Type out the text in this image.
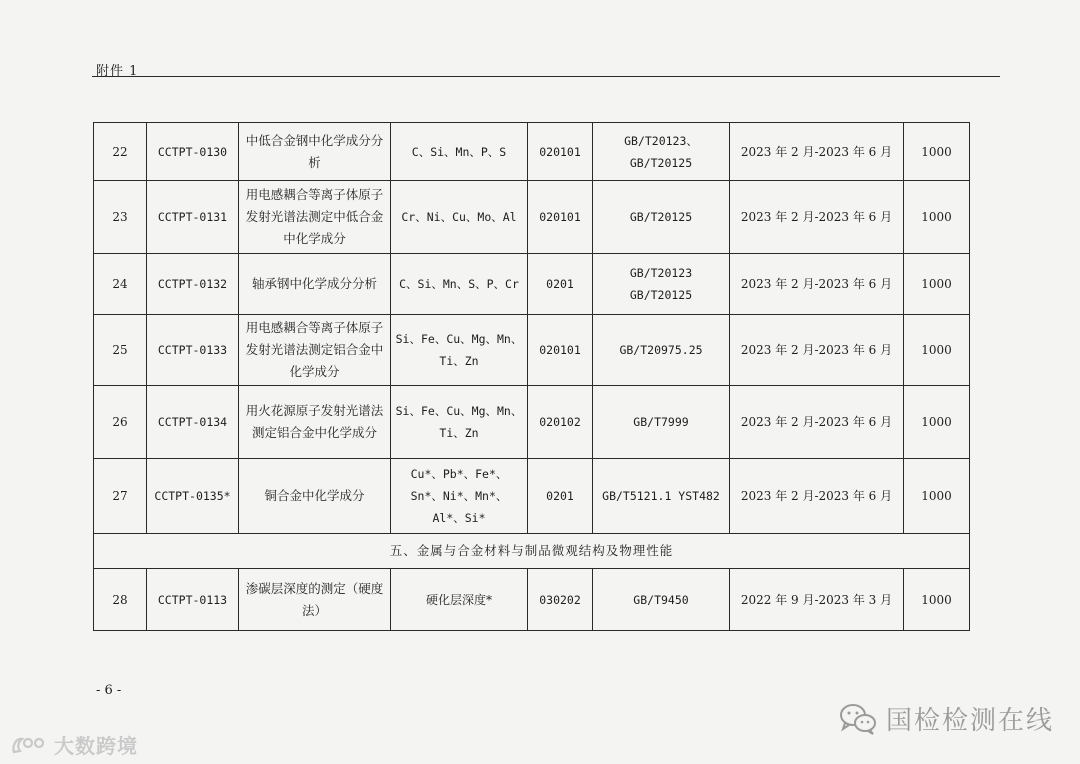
附件 1
22	CCTPT-0130	中低合金钢中化学成分分析	C、Si、Mn、P、S	020101	GB/T20123、GB/T20125	2023 年 2 月-2023 年 6 月	1000
23	CCTPT-0131	用电感耦合等离子体原子发射光谱法测定中低合金中化学成分	Cr、Ni、Cu、Mo、Al	020101	GB/T20125	2023 年 2 月-2023 年 6 月	1000
24	CCTPT-0132	轴承钢中化学成分分析	C、Si、Mn、S、P、Cr	0201	GB/T20123 GB/T20125	2023 年 2 月-2023 年 6 月	1000
25	CCTPT-0133	用电感耦合等离子体原子发射光谱法测定铝合金中化学成分	Si、Fe、Cu、Mg、Mn、Ti、Zn	020101	GB/T20975.25	2023 年 2 月-2023 年 6 月	1000
26	CCTPT-0134	用火花源原子发射光谱法测定铝合金中化学成分	Si、Fe、Cu、Mg、Mn、Ti、Zn	020102	GB/T7999	2023 年 2 月-2023 年 6 月	1000
27	CCTPT-0135*	铜合金中化学成分	Cu*、Pb*、Fe*、Sn*、Ni*、Mn*、Al*、Si*	0201	GB/T5121.1 YST482	2023 年 2 月-2023 年 6 月	1000
五、金属与合金材料与制品微观结构及物理性能							
28	CCTPT-0113	渗碳层深度的测定（硬度法）	硬化层深度*	030202	GB/T9450	2022 年 9 月-2023 年 3 月	1000
- 6 -
大数跨境
国检检测在线
